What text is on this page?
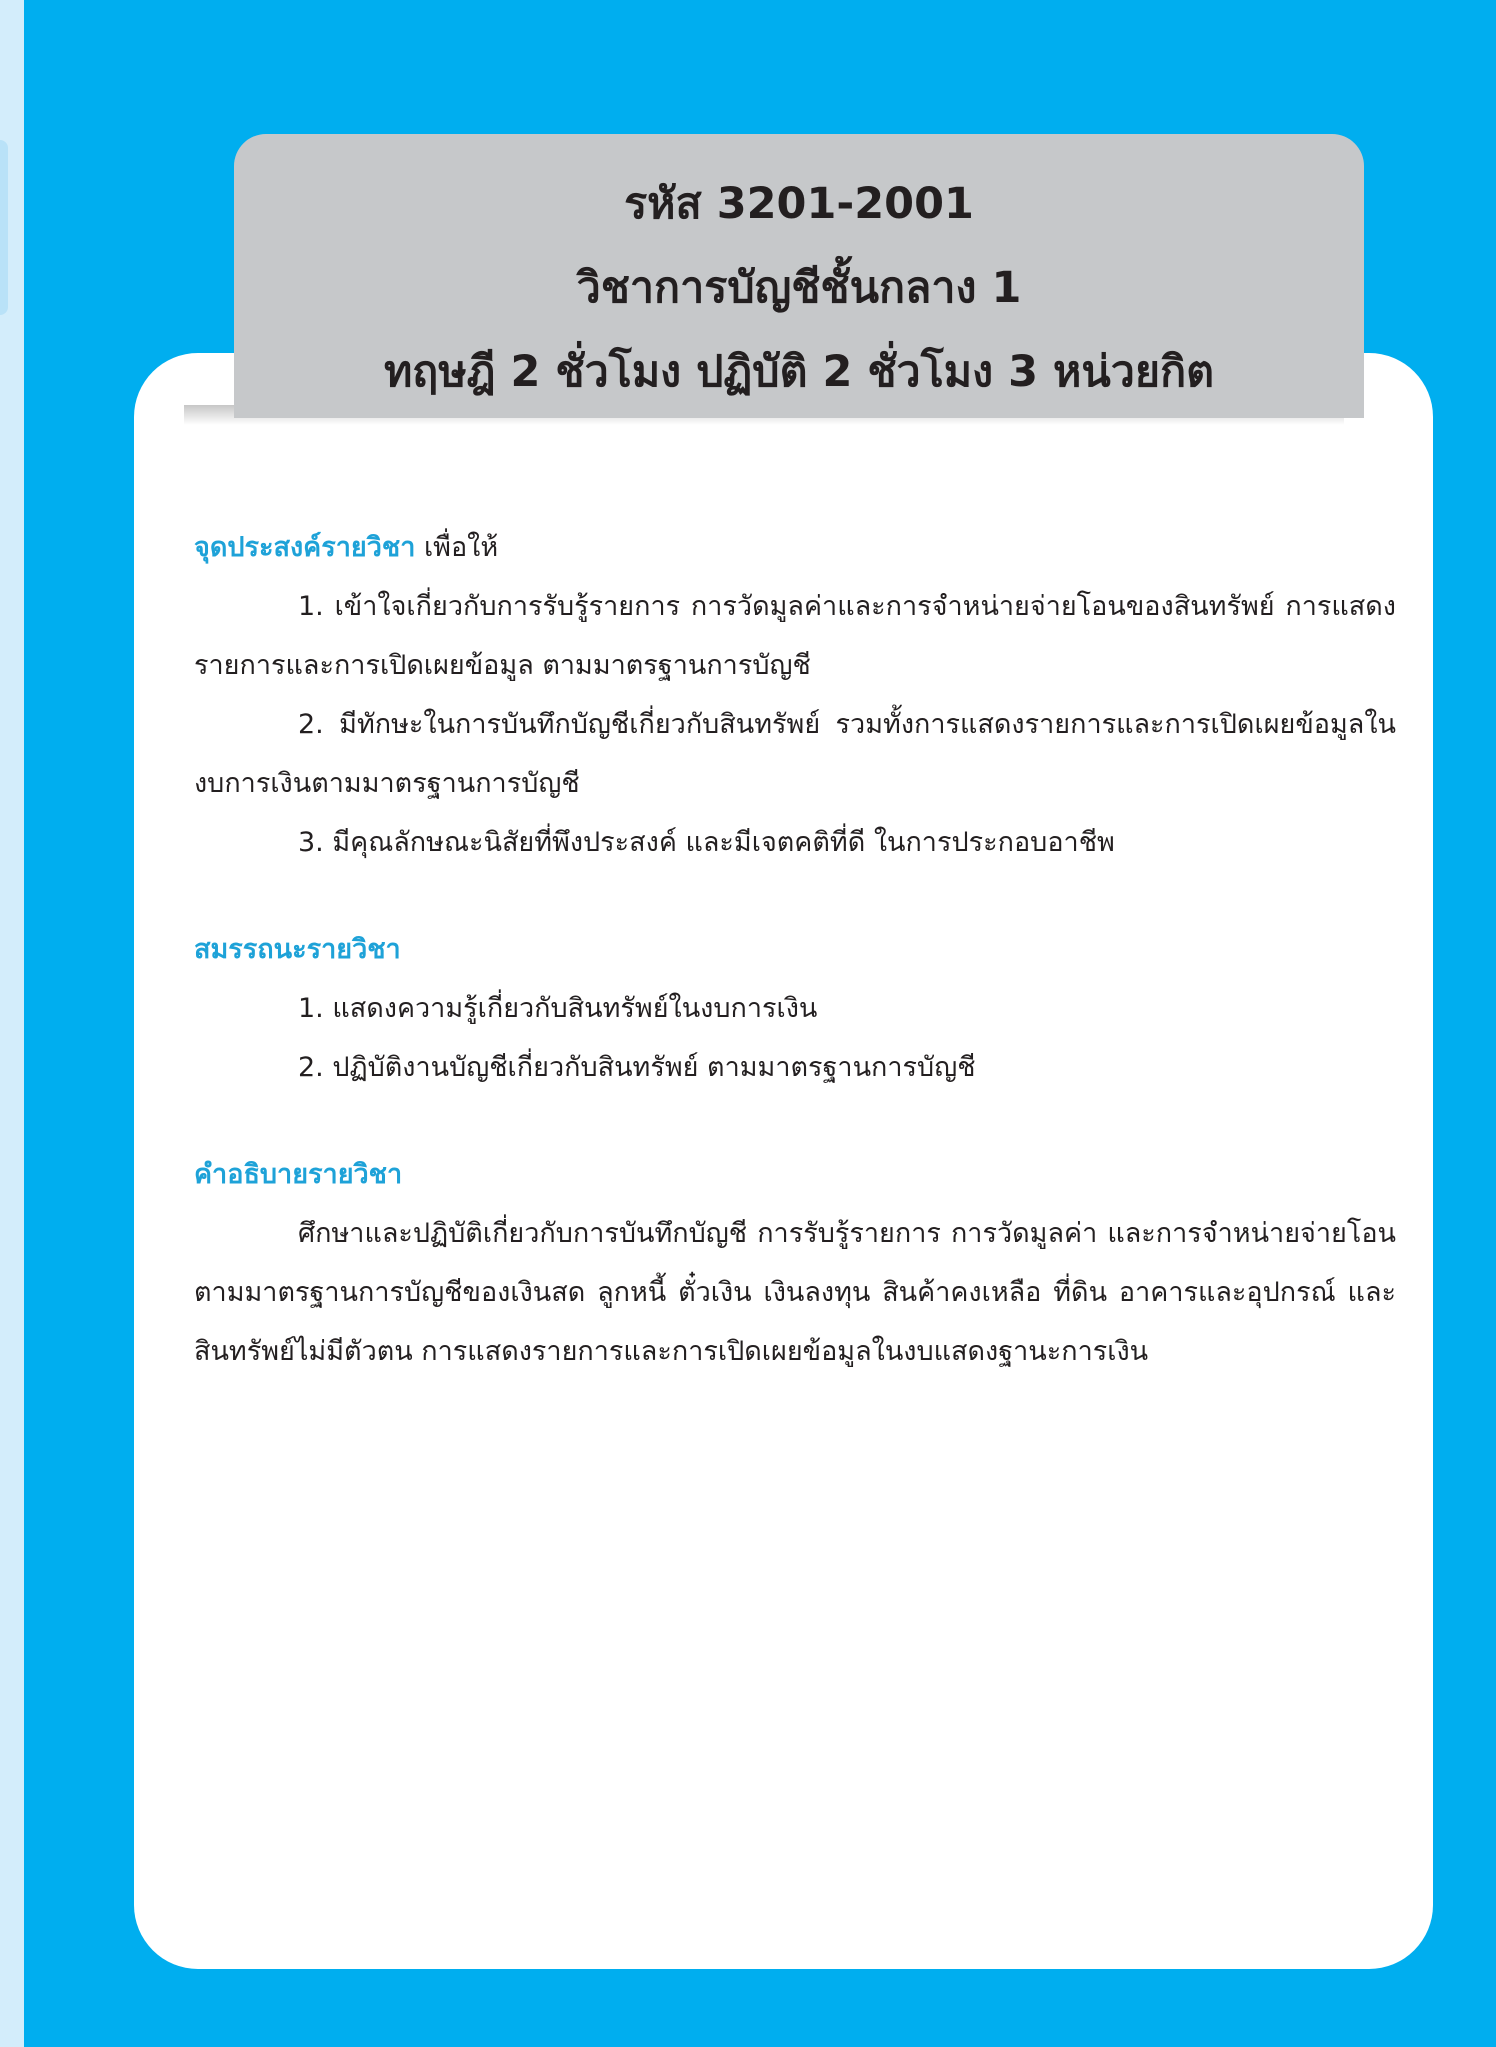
รหัส 3201-2001
วิชาการบัญชีชั้นกลาง 1
ทฤษฎี 2 ชั่วโมง ปฏิบัติ 2 ชั่วโมง 3 หน่วยกิต

จุดประสงค์รายวิชา เพื่อให้

1. เข้าใจเกี่ยวกับการรับรู้รายการ การวัดมูลค่าและการจำหน่ายจ่ายโอนของสินทรัพย์ การแสดงรายการและการเปิดเผยข้อมูล ตามมาตรฐานการบัญชี

2. มีทักษะในการบันทึกบัญชีเกี่ยวกับสินทรัพย์ รวมทั้งการแสดงรายการและการเปิดเผยข้อมูลในงบการเงินตามมาตรฐานการบัญชี

3. มีคุณลักษณะนิสัยที่พึงประสงค์ และมีเจตคติที่ดี ในการประกอบอาชีพ

สมรรถนะรายวิชา

1. แสดงความรู้เกี่ยวกับสินทรัพย์ในงบการเงิน

2. ปฏิบัติงานบัญชีเกี่ยวกับสินทรัพย์ ตามมาตรฐานการบัญชี

คำอธิบายรายวิชา

ศึกษาและปฏิบัติเกี่ยวกับการบันทึกบัญชี การรับรู้รายการ การวัดมูลค่า และการจำหน่ายจ่ายโอนตามมาตรฐานการบัญชีของเงินสด ลูกหนี้ ตั๋วเงิน เงินลงทุน สินค้าคงเหลือ ที่ดิน อาคารและอุปกรณ์ และสินทรัพย์ไม่มีตัวตน การแสดงรายการและการเปิดเผยข้อมูลในงบแสดงฐานะการเงิน
